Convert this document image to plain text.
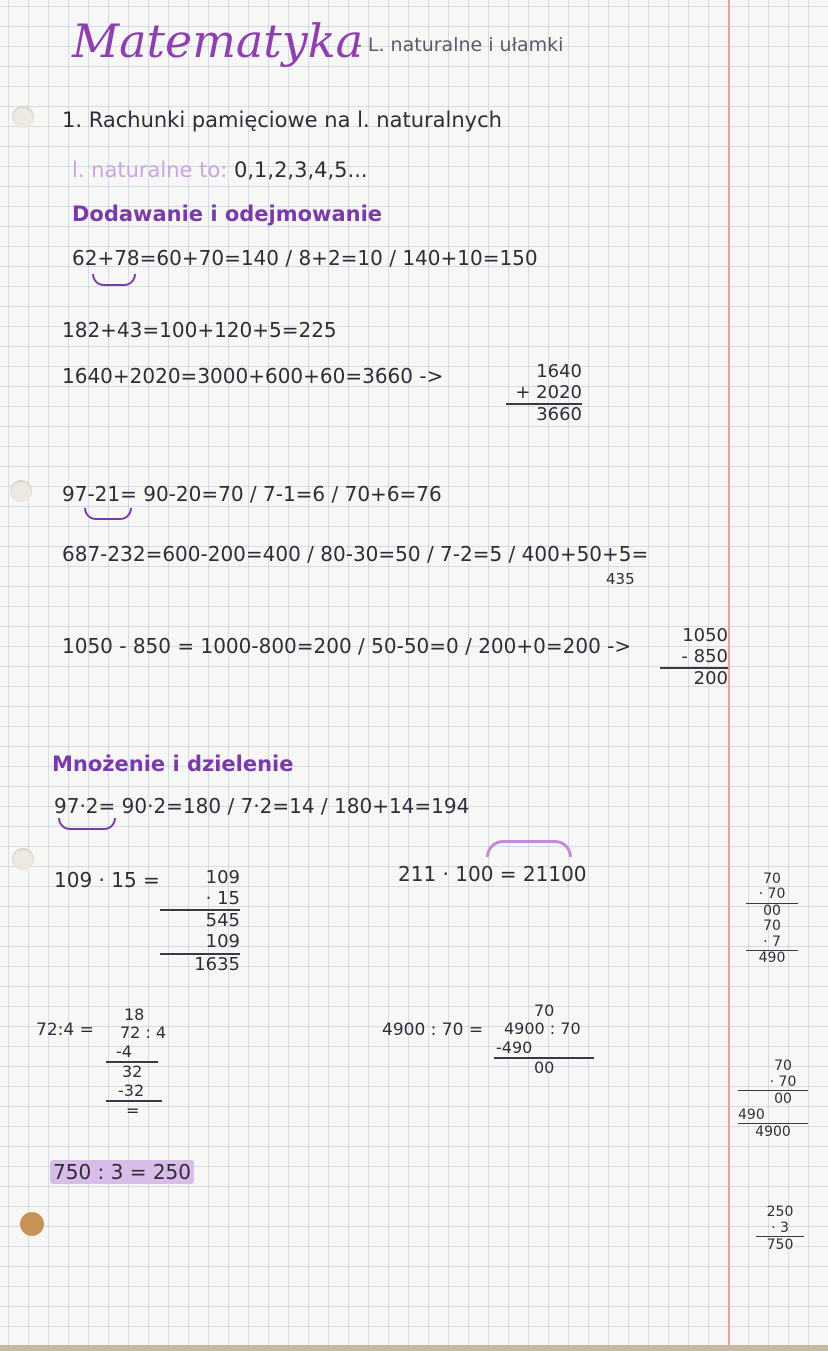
Matematyka
- L. naturalne i ułamki
1. Rachunki pamięciowe na l. naturalnych
l. naturalne to: 0,1,2,3,4,5...
Dodawanie i odejmowanie
62+78=60+70=140 / 8+2=10 / 140+10=150
182+43=100+120+5=225
1640+2020=3000+600+60=3660 ->	1640
+ 2020
3660
97-21= 90-20=70 / 7-1=6 / 70+6=76
687-232=600-200=400 / 80-30=50 / 7-2=5 / 400+50+5=
435
1050 - 850 = 1000-800=200 / 50-50=0 / 200+0=200 ->	1050
- 850
200
Mnożenie i dzielenie
97·2= 90·2=180 / 7·2=14 / 180+14=194
109 · 15 =	109
· 15
545
109
1635
211 · 100 = 21100
72:4 =
18
72 : 4
-4
32
-32
=
4900 : 70 =
70
4900 : 70
-490
00
750 : 3 = 250
70
· 70
00
70
· 7
490
70
· 70
00
490
4900
250
· 3
750
